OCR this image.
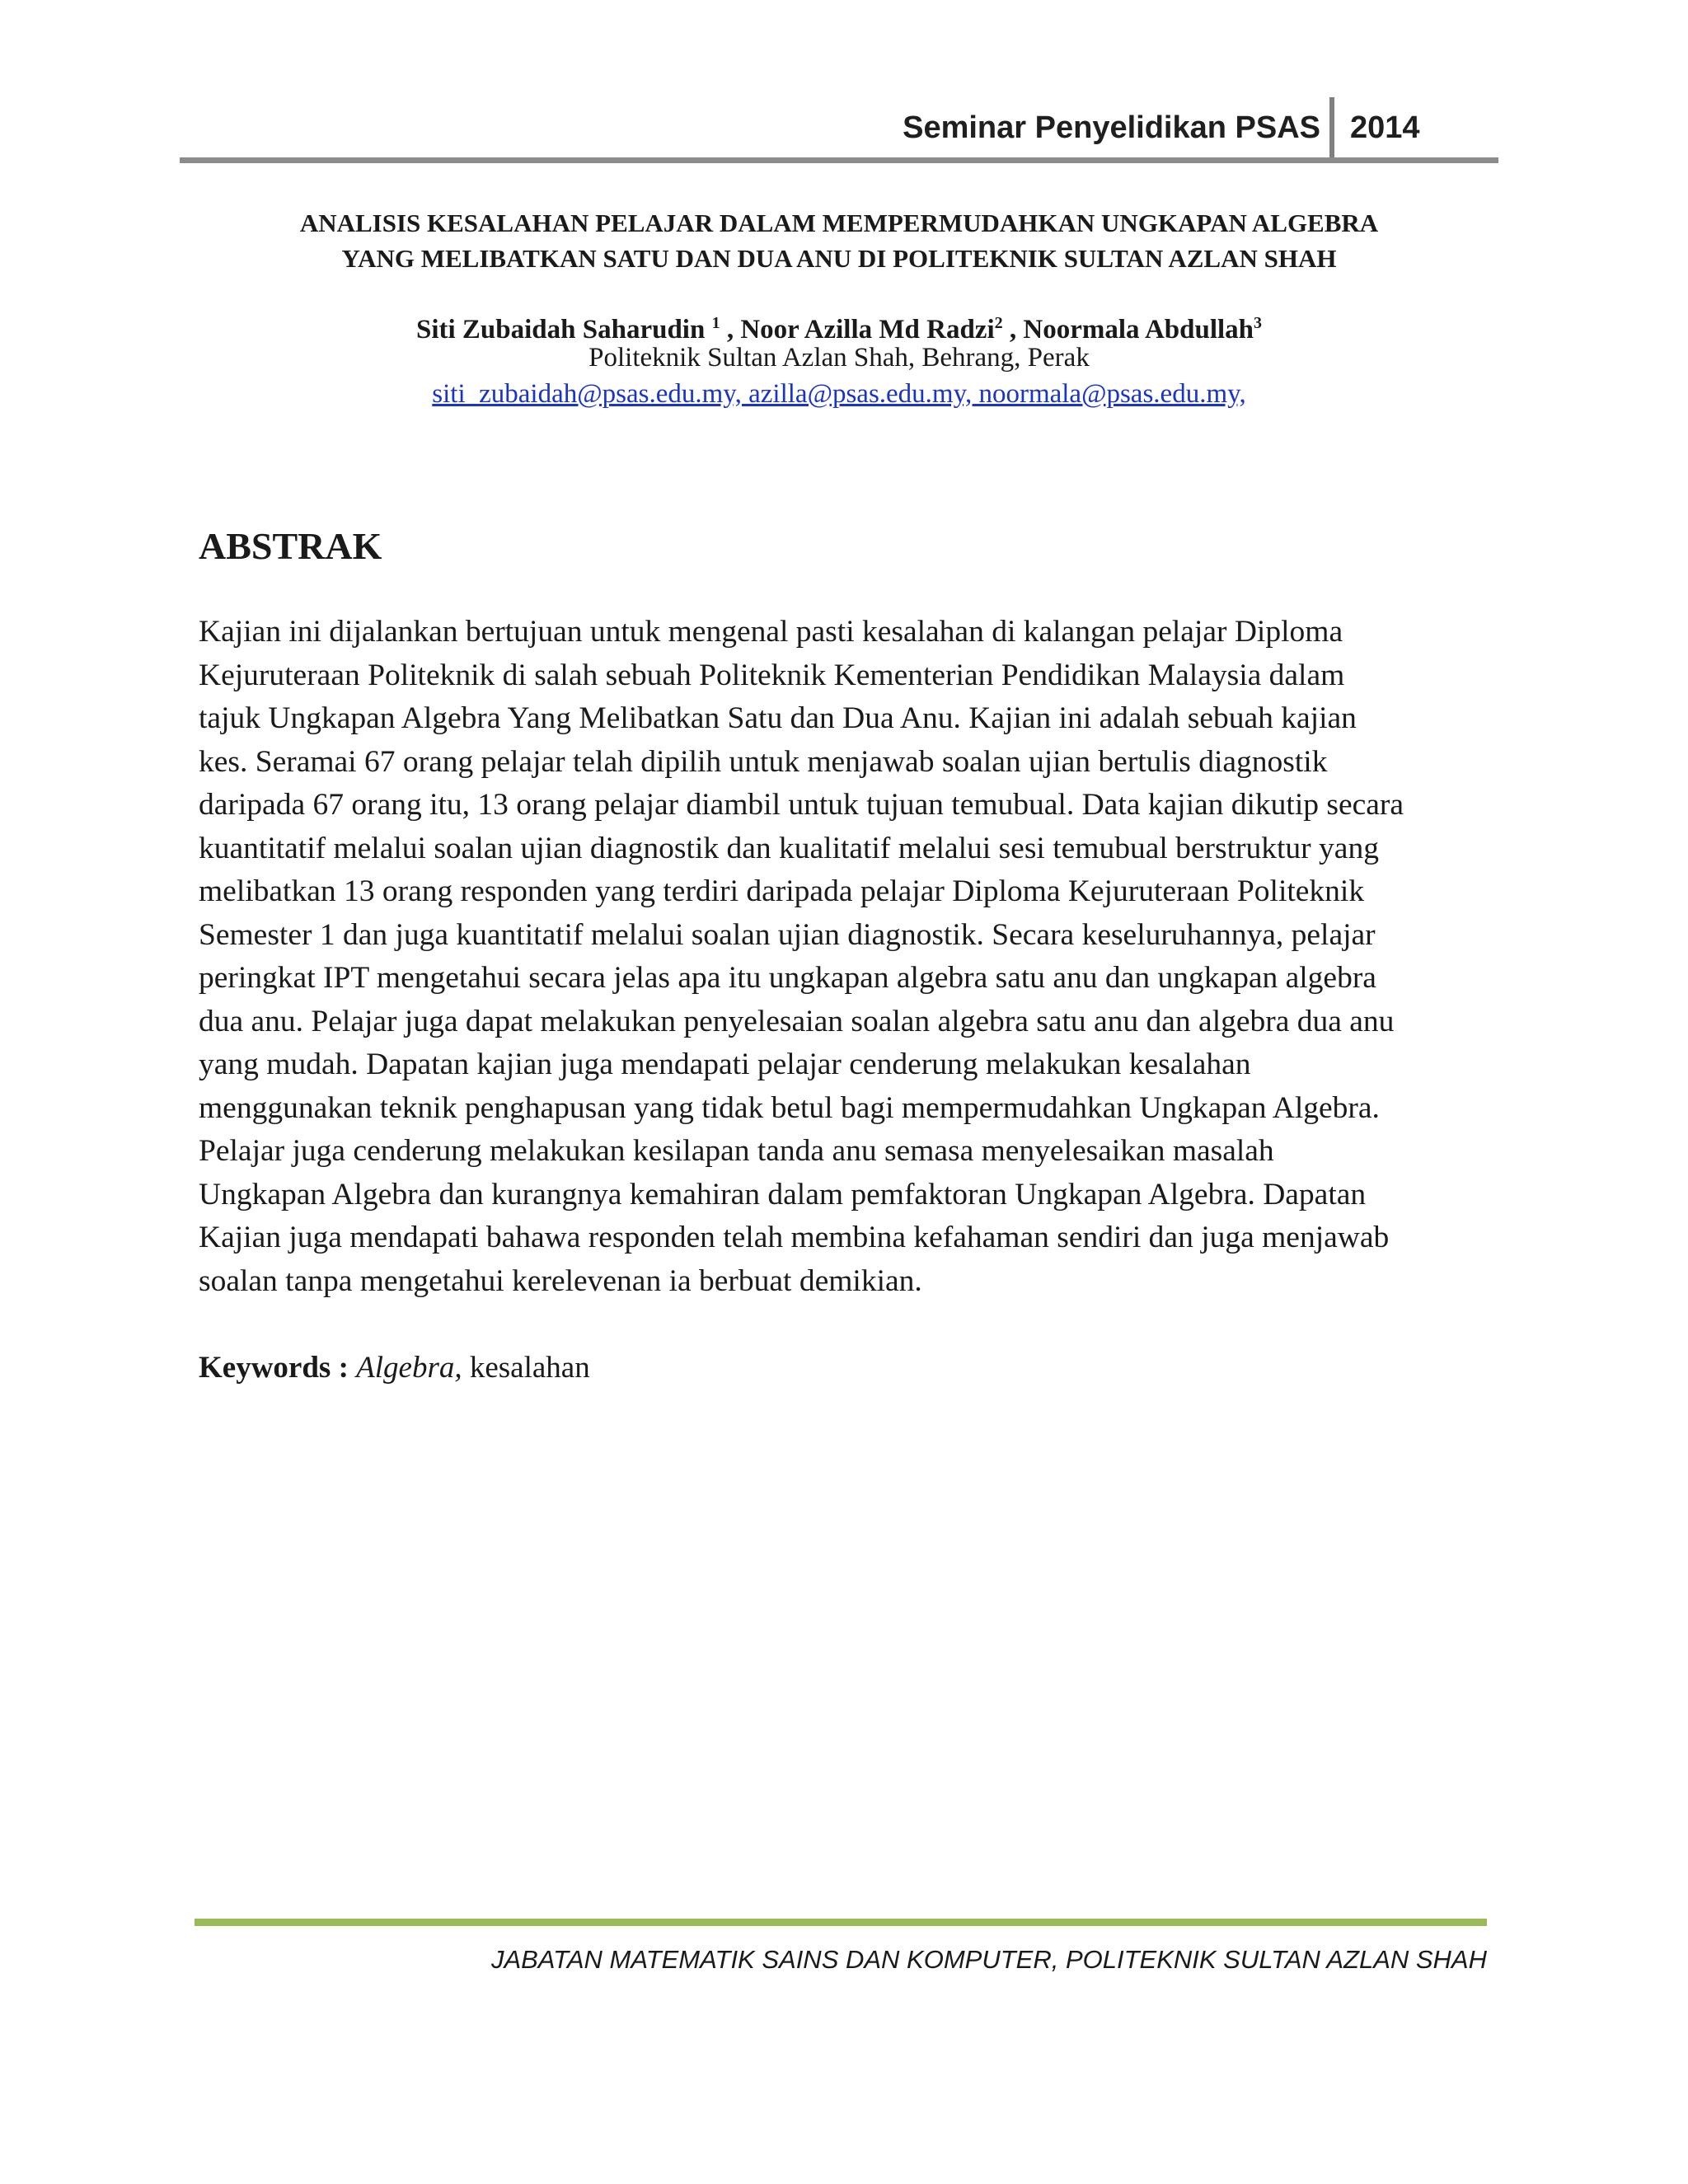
Seminar Penyelidikan PSAS 2014
ANALISIS KESALAHAN PELAJAR DALAM MEMPERMUDAHKAN UNGKAPAN ALGEBRA
YANG MELIBATKAN SATU DAN DUA ANU DI POLITEKNIK SULTAN AZLAN SHAH
Siti Zubaidah Saharudin $^1$ , Noor Azilla Md Radzi$^2$ , Noormala Abdullah$^3$
Politeknik Sultan Azlan Shah, Behrang, Perak
siti_zubaidah@psas.edu.my, azilla@psas.edu.my, noormala@psas.edu.my,
ABSTRAK
Kajian ini dijalankan bertujuan untuk mengenal pasti kesalahan di kalangan pelajar Diploma
Kejuruteraan Politeknik di salah sebuah Politeknik Kementerian Pendidikan Malaysia dalam
tajuk Ungkapan Algebra Yang Melibatkan Satu dan Dua Anu. Kajian ini adalah sebuah kajian
kes. Seramai 67 orang pelajar telah dipilih untuk menjawab soalan ujian bertulis diagnostik
daripada 67 orang itu, 13 orang pelajar diambil untuk tujuan temubual. Data kajian dikutip secara
kuantitatif melalui soalan ujian diagnostik dan kualitatif melalui sesi temubual berstruktur yang
melibatkan 13 orang responden yang terdiri daripada pelajar Diploma Kejuruteraan Politeknik
Semester 1 dan juga kuantitatif melalui soalan ujian diagnostik. Secara keseluruhannya, pelajar
peringkat IPT mengetahui secara jelas apa itu ungkapan algebra satu anu dan ungkapan algebra
dua anu. Pelajar juga dapat melakukan penyelesaian soalan algebra satu anu dan algebra dua anu
yang mudah. Dapatan kajian juga mendapati pelajar cenderung melakukan kesalahan
menggunakan teknik penghapusan yang tidak betul bagi mempermudahkan Ungkapan Algebra.
Pelajar juga cenderung melakukan kesilapan tanda anu semasa menyelesaikan masalah
Ungkapan Algebra dan kurangnya kemahiran dalam pemfaktoran Ungkapan Algebra. Dapatan
Kajian juga mendapati bahawa responden telah membina kefahaman sendiri dan juga menjawab
soalan tanpa mengetahui kerelevenan ia berbuat demikian.
Keywords : Algebra, kesalahan
JABATAN MATEMATIK SAINS DAN KOMPUTER, POLITEKNIK SULTAN AZLAN SHAH
